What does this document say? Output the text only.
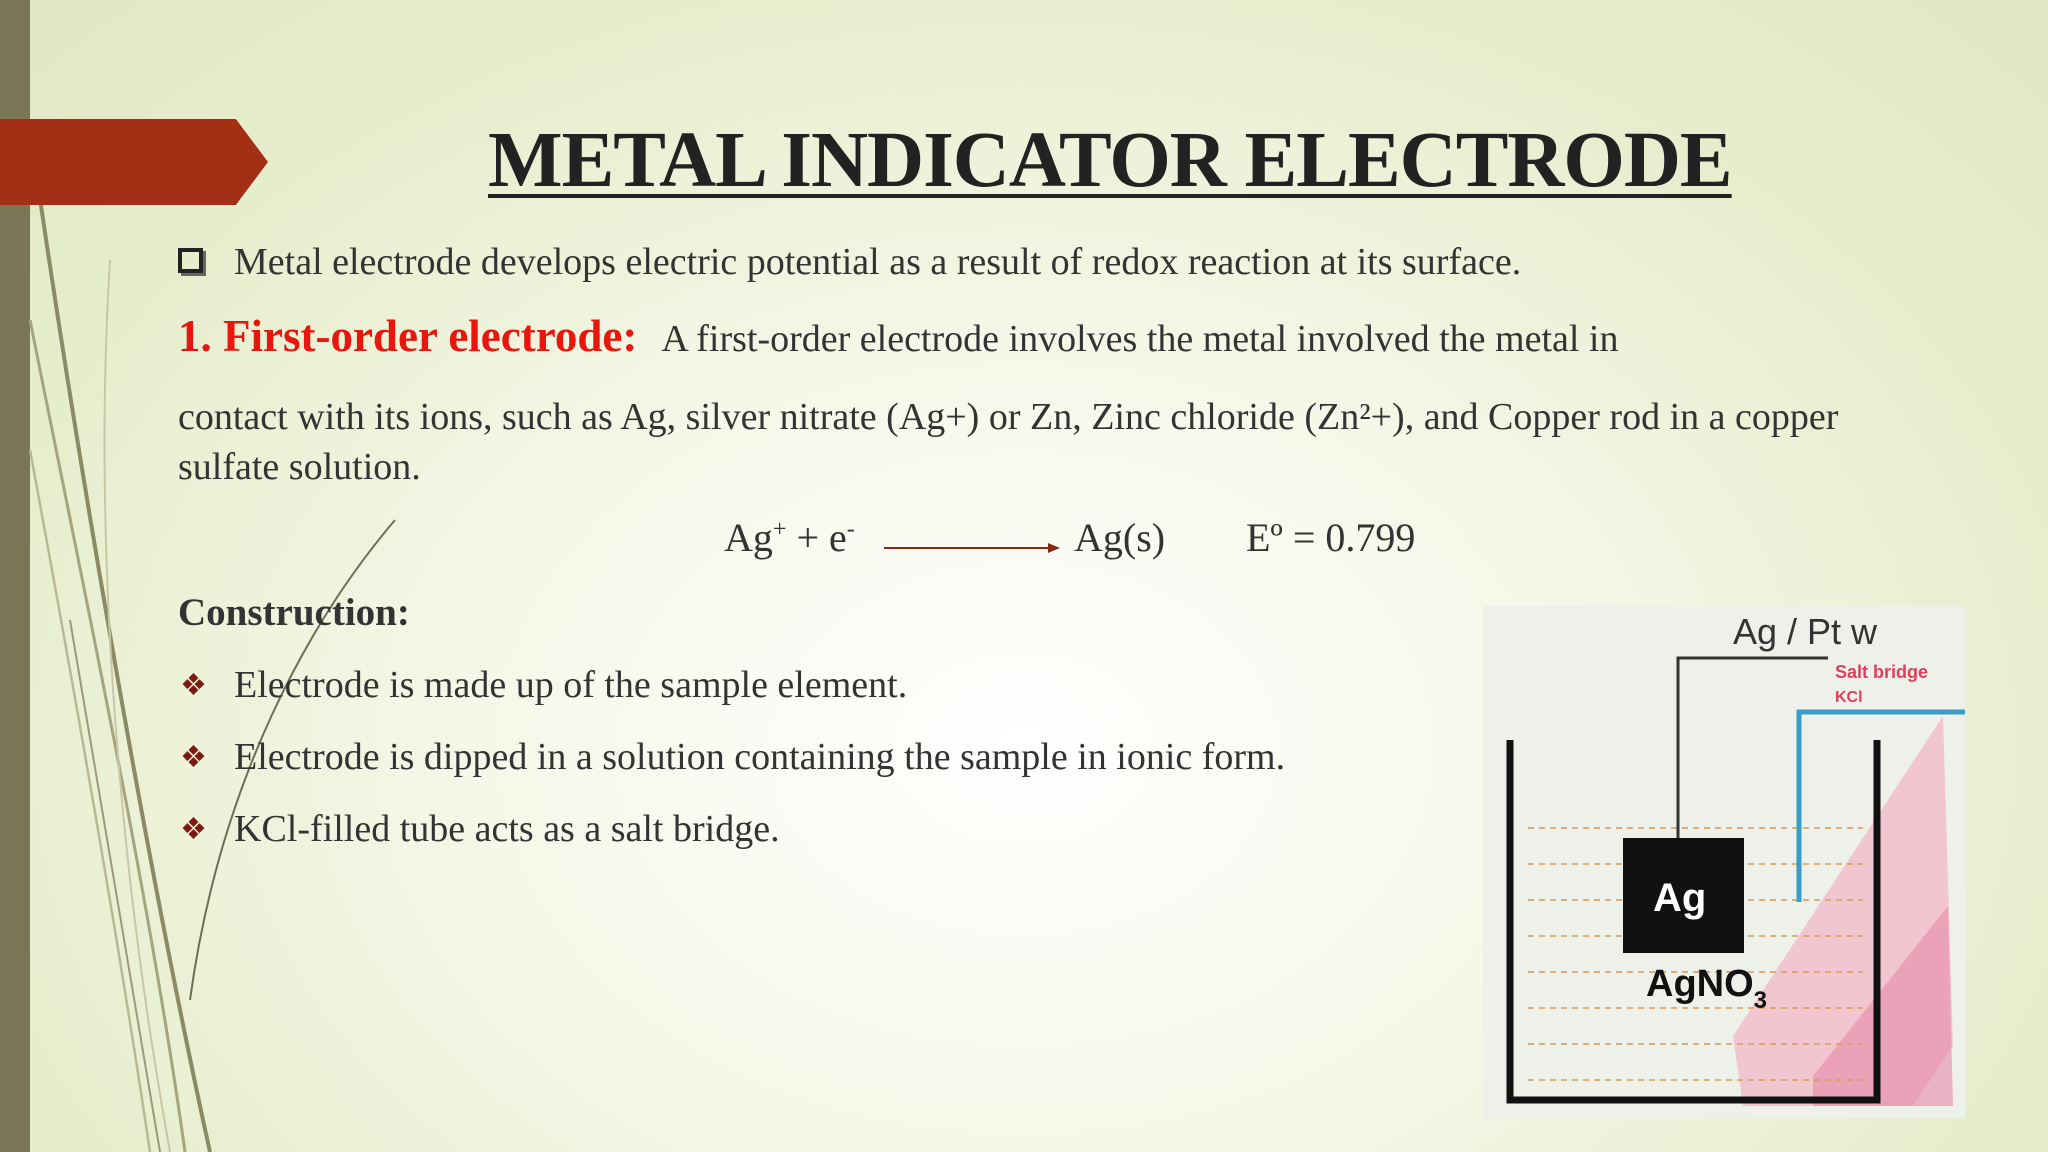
METAL INDICATOR ELECTRODE
Metal electrode develops electric potential as a result of redox reaction at its surface.
1. First-order electrode: A first-order electrode involves the metal involved the metal in
contact with its ions, such as Ag, silver nitrate (Ag+) or Zn, Zinc chloride (Zn²+), and Copper rod in a copper sulfate solution.
Ag+ + e-	Ag(s) Eº = 0.799
Construction:
❖ Electrode is made up of the sample element.
❖ Electrode is dipped in a solution containing the sample in ionic form.
❖ KCl-filled tube acts as a salt bridge.
Ag
AgNO$_3$
Ag / Pt w
Salt bridge
KCl
